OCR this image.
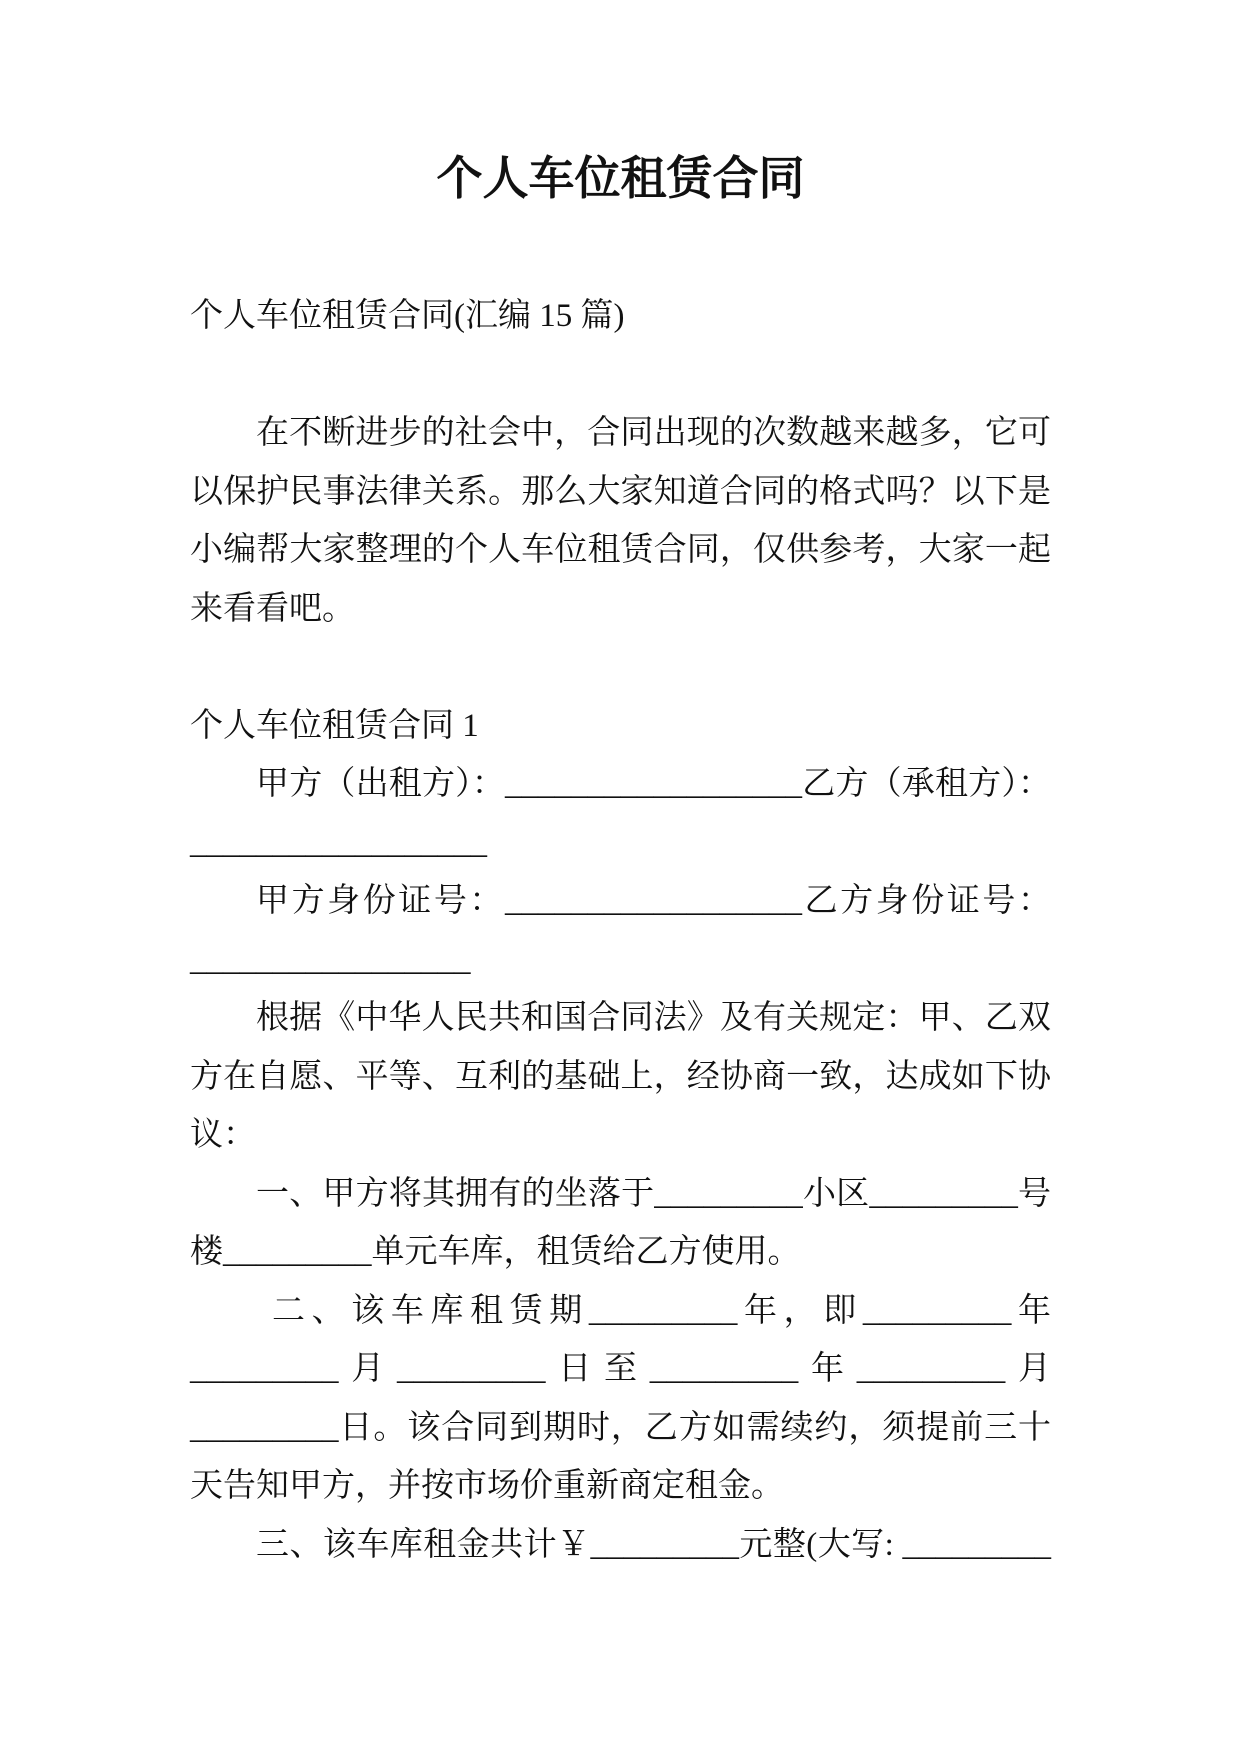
个人车位租赁合同
个人车位租赁合同(汇编 15 篇)
在不断进步的社会中，合同出现的次数越来越多，它可
以保护民事法律关系。那么大家知道合同的格式吗？以下是
小编帮大家整理的个人车位租赁合同，仅供参考，大家一起
来看看吧。
个人车位租赁合同 1
甲方（出租方）：__________________乙方（承租方）：
__________________
甲方身份证号：__________________乙方身份证号：
_________________
根据《中华人民共和国合同法》及有关规定：甲、乙双
方在自愿、平等、互利的基础上，经协商一致，达成如下协
议：
一、甲方将其拥有的坐落于_________小区_________号
楼_________单元车库，租赁给乙方使用。
二、该车库租赁期_________年，即_________年
_________月_________日至_________年_________月
_________日。该合同到期时，乙方如需续约，须提前三十
天告知甲方，并按市场价重新商定租金。
三、该车库租金共计￥_________元整(大写: _________
